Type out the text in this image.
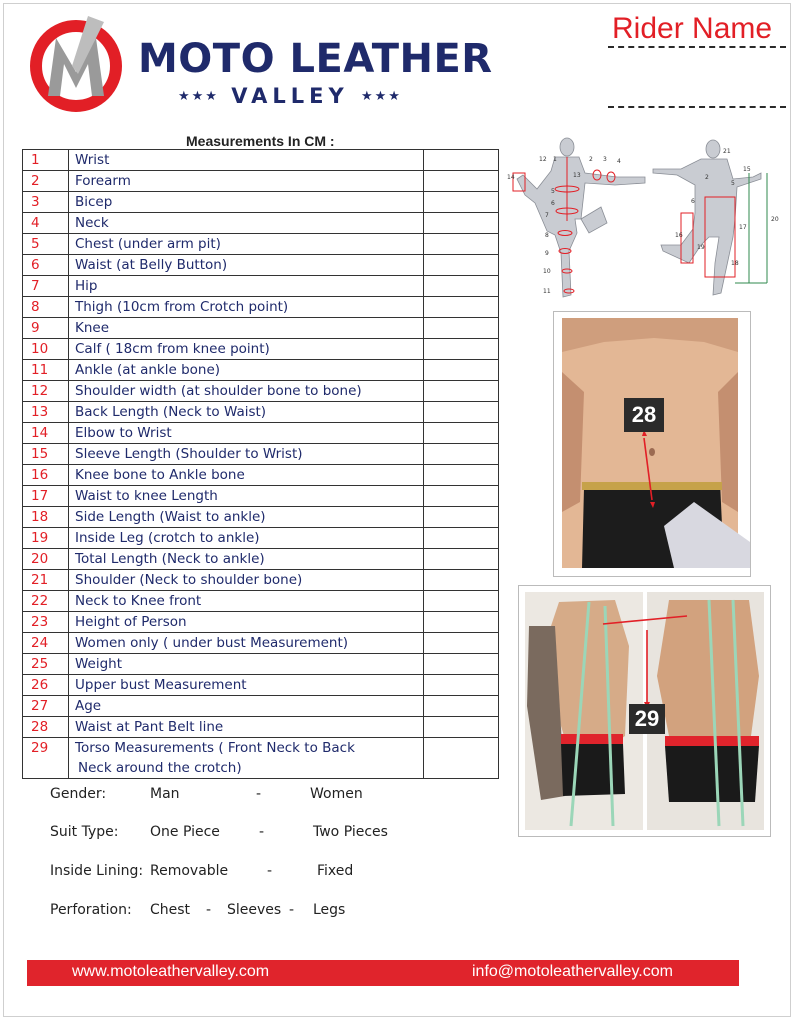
MOTO LEATHER
★★★ VALLEY ★★★
Rider Name
Measurements In CM :
1	Wrist	
2	Forearm	
3	Bicep	
4	Neck	
5	Chest (under arm pit)	
6	Waist (at Belly Button)	
7	Hip	
8	Thigh (10cm from Crotch point)	
9	Knee	
10	Calf ( 18cm from knee point)	
11	Ankle (at ankle bone)	
12	Shoulder width (at shoulder bone to bone)	
13	Back Length (Neck to Waist)	
14	Elbow to Wrist	
15	Sleeve Length (Shoulder to Wrist)	
16	Knee bone to Ankle bone	
17	Waist to knee Length	
18	Side Length (Waist to ankle)	
19	Inside Leg (crotch to ankle)	
20	Total Length (Neck to ankle)	
21	Shoulder (Neck to shoulder bone)	
22	Neck to Knee front	
23	Height of Person	
24	Women only ( under bust Measurement)	
25	Weight	
26	Upper bust Measurement	
27	Age	
28	Waist at Pant Belt line	
29	Torso Measurements ( Front Neck to Back
Neck around the crotch)	

Gender:	Man	-	Women
Suit Type: One Piece	-	Two Pieces
Inside Lining: Removable	-	Fixed
Perforation: Chest - Sleeves - Legs
12 1	2 3 4
13
14
5
6
7
8
9
10
11
21
15
16
17
18
19
20
6
5
2
28
29
www.motoleathervalley.com	info@motoleathervalley.com
